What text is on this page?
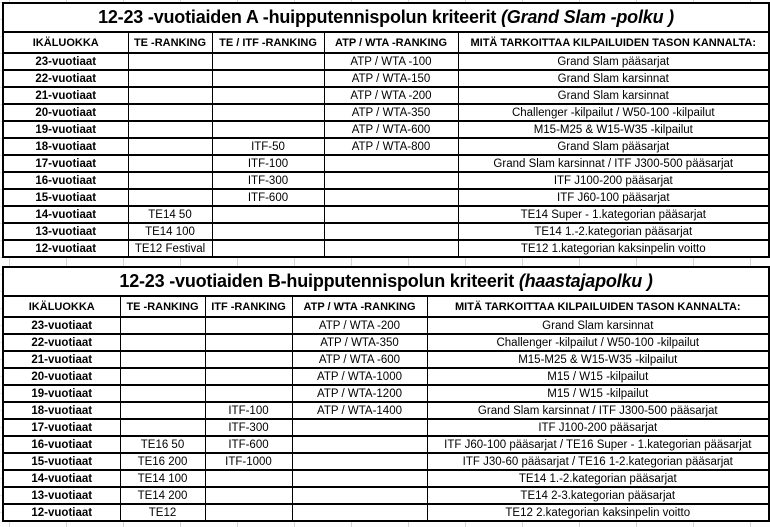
12-23 -vuotiaiden A -huipputennispolun kriteerit (Grand Slam -polku )				
IKÄLUOKKA	TE -RANKING	TE / ITF -RANKING	ATP / WTA -RANKING	MITÄ TARKOITTAA KILPAILUIDEN TASON KANNALTA:
23-vuotiaat			ATP / WTA -100	Grand Slam pääsarjat
22-vuotiaat			ATP / WTA-150	Grand Slam karsinnat
21-vuotiaat			ATP / WTA -200	Grand Slam karsinnat
20-vuotiaat			ATP / WTA-350	Challenger -kilpailut / W50-100 -kilpailut
19-vuotiaat			ATP / WTA-600	M15-M25 & W15-W35 -kilpailut
18-vuotiaat		ITF-50	ATP / WTA-800	Grand Slam pääsarjat
17-vuotiaat		ITF-100		Grand Slam karsinnat / ITF J300-500 pääsarjat
16-vuotiaat		ITF-300		ITF J100-200 pääsarjat
15-vuotiaat		ITF-600		ITF J60-100 pääsarjat
14-vuotiaat	TE14 50			TE14 Super - 1.kategorian pääsarjat
13-vuotiaat	TE14 100			TE14 1.-2.kategorian pääsarjat
12-vuotiaat	TE12 Festival			TE12 1.kategorian kaksinpelin voitto
12-23 -vuotiaiden B-huipputennispolun kriteerit (haastajapolku )				
IKÄLUOKKA	TE -RANKING	ITF -RANKING	ATP / WTA -RANKING	MITÄ TARKOITTAA KILPAILUIDEN TASON KANNALTA:
23-vuotiaat			ATP / WTA -200	Grand Slam karsinnat
22-vuotiaat			ATP / WTA-350	Challenger -kilpailut / W50-100 -kilpailut
21-vuotiaat			ATP / WTA -600	M15-M25 & W15-W35 -kilpailut
20-vuotiaat			ATP / WTA-1000	M15 / W15 -kilpailut
19-vuotiaat			ATP / WTA-1200	M15 / W15 -kilpailut
18-vuotiaat		ITF-100	ATP / WTA-1400	Grand Slam karsinnat / ITF J300-500 pääsarjat
17-vuotiaat		ITF-300		ITF J100-200 pääsarjat
16-vuotiaat	TE16 50	ITF-600		ITF J60-100 pääsarjat / TE16 Super - 1.kategorian pääsarjat
15-vuotiaat	TE16 200	ITF-1000		ITF J30-60 pääsarjat / TE16 1-2.kategorian pääsarjat
14-vuotiaat	TE14 100			TE14 1.-2.kategorian pääsarjat
13-vuotiaat	TE14 200			TE14 2-3.kategorian pääsarjat
12-vuotiaat	TE12			TE12 2.kategorian kaksinpelin voitto
